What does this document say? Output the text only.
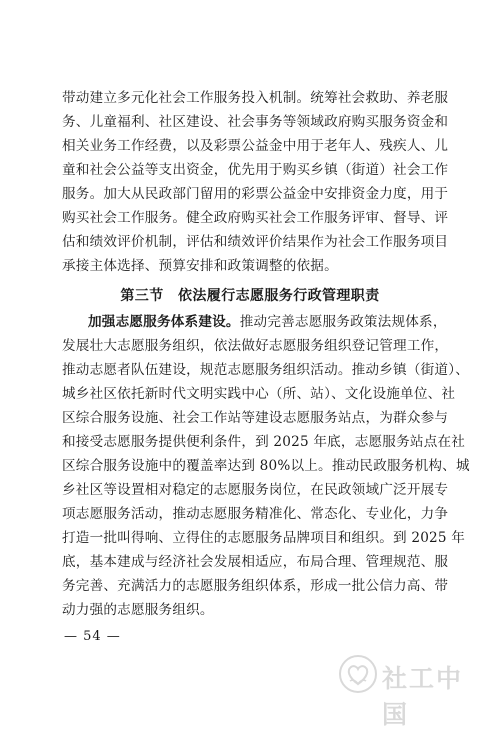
带动建立多元化社会工作服务投入机制。统筹社会救助、养老服
务、儿童福利、社区建设、社会事务等领域政府购买服务资金和
相关业务工作经费，以及彩票公益金中用于老年人、残疾人、儿
童和社会公益等支出资金，优先用于购买乡镇（街道）社会工作
服务。加大从民政部门留用的彩票公益金中安排资金力度，用于
购买社会工作服务。健全政府购买社会工作服务评审、督导、评
估和绩效评价机制，评估和绩效评价结果作为社会工作服务项目
承接主体选择、预算安排和政策调整的依据。
第三节　依法履行志愿服务行政管理职责
加强志愿服务体系建设。推动完善志愿服务政策法规体系，
发展壮大志愿服务组织，依法做好志愿服务组织登记管理工作，
推动志愿者队伍建设，规范志愿服务组织活动。推动乡镇（街道）、
城乡社区依托新时代文明实践中心（所、站）、文化设施单位、社
区综合服务设施、社会工作站等建设志愿服务站点，为群众参与
和接受志愿服务提供便利条件，到 2025 年底，志愿服务站点在社
区综合服务设施中的覆盖率达到 80%以上。推动民政服务机构、城
乡社区等设置相对稳定的志愿服务岗位，在民政领域广泛开展专
项志愿服务活动，推动志愿服务精准化、常态化、专业化，力争
打造一批叫得响、立得住的志愿服务品牌项目和组织。到 2025 年
底，基本建成与经济社会发展相适应，布局合理、管理规范、服
务完善、充满活力的志愿服务组织体系，形成一批公信力高、带
动力强的志愿服务组织。
— 54 —
社工中国
